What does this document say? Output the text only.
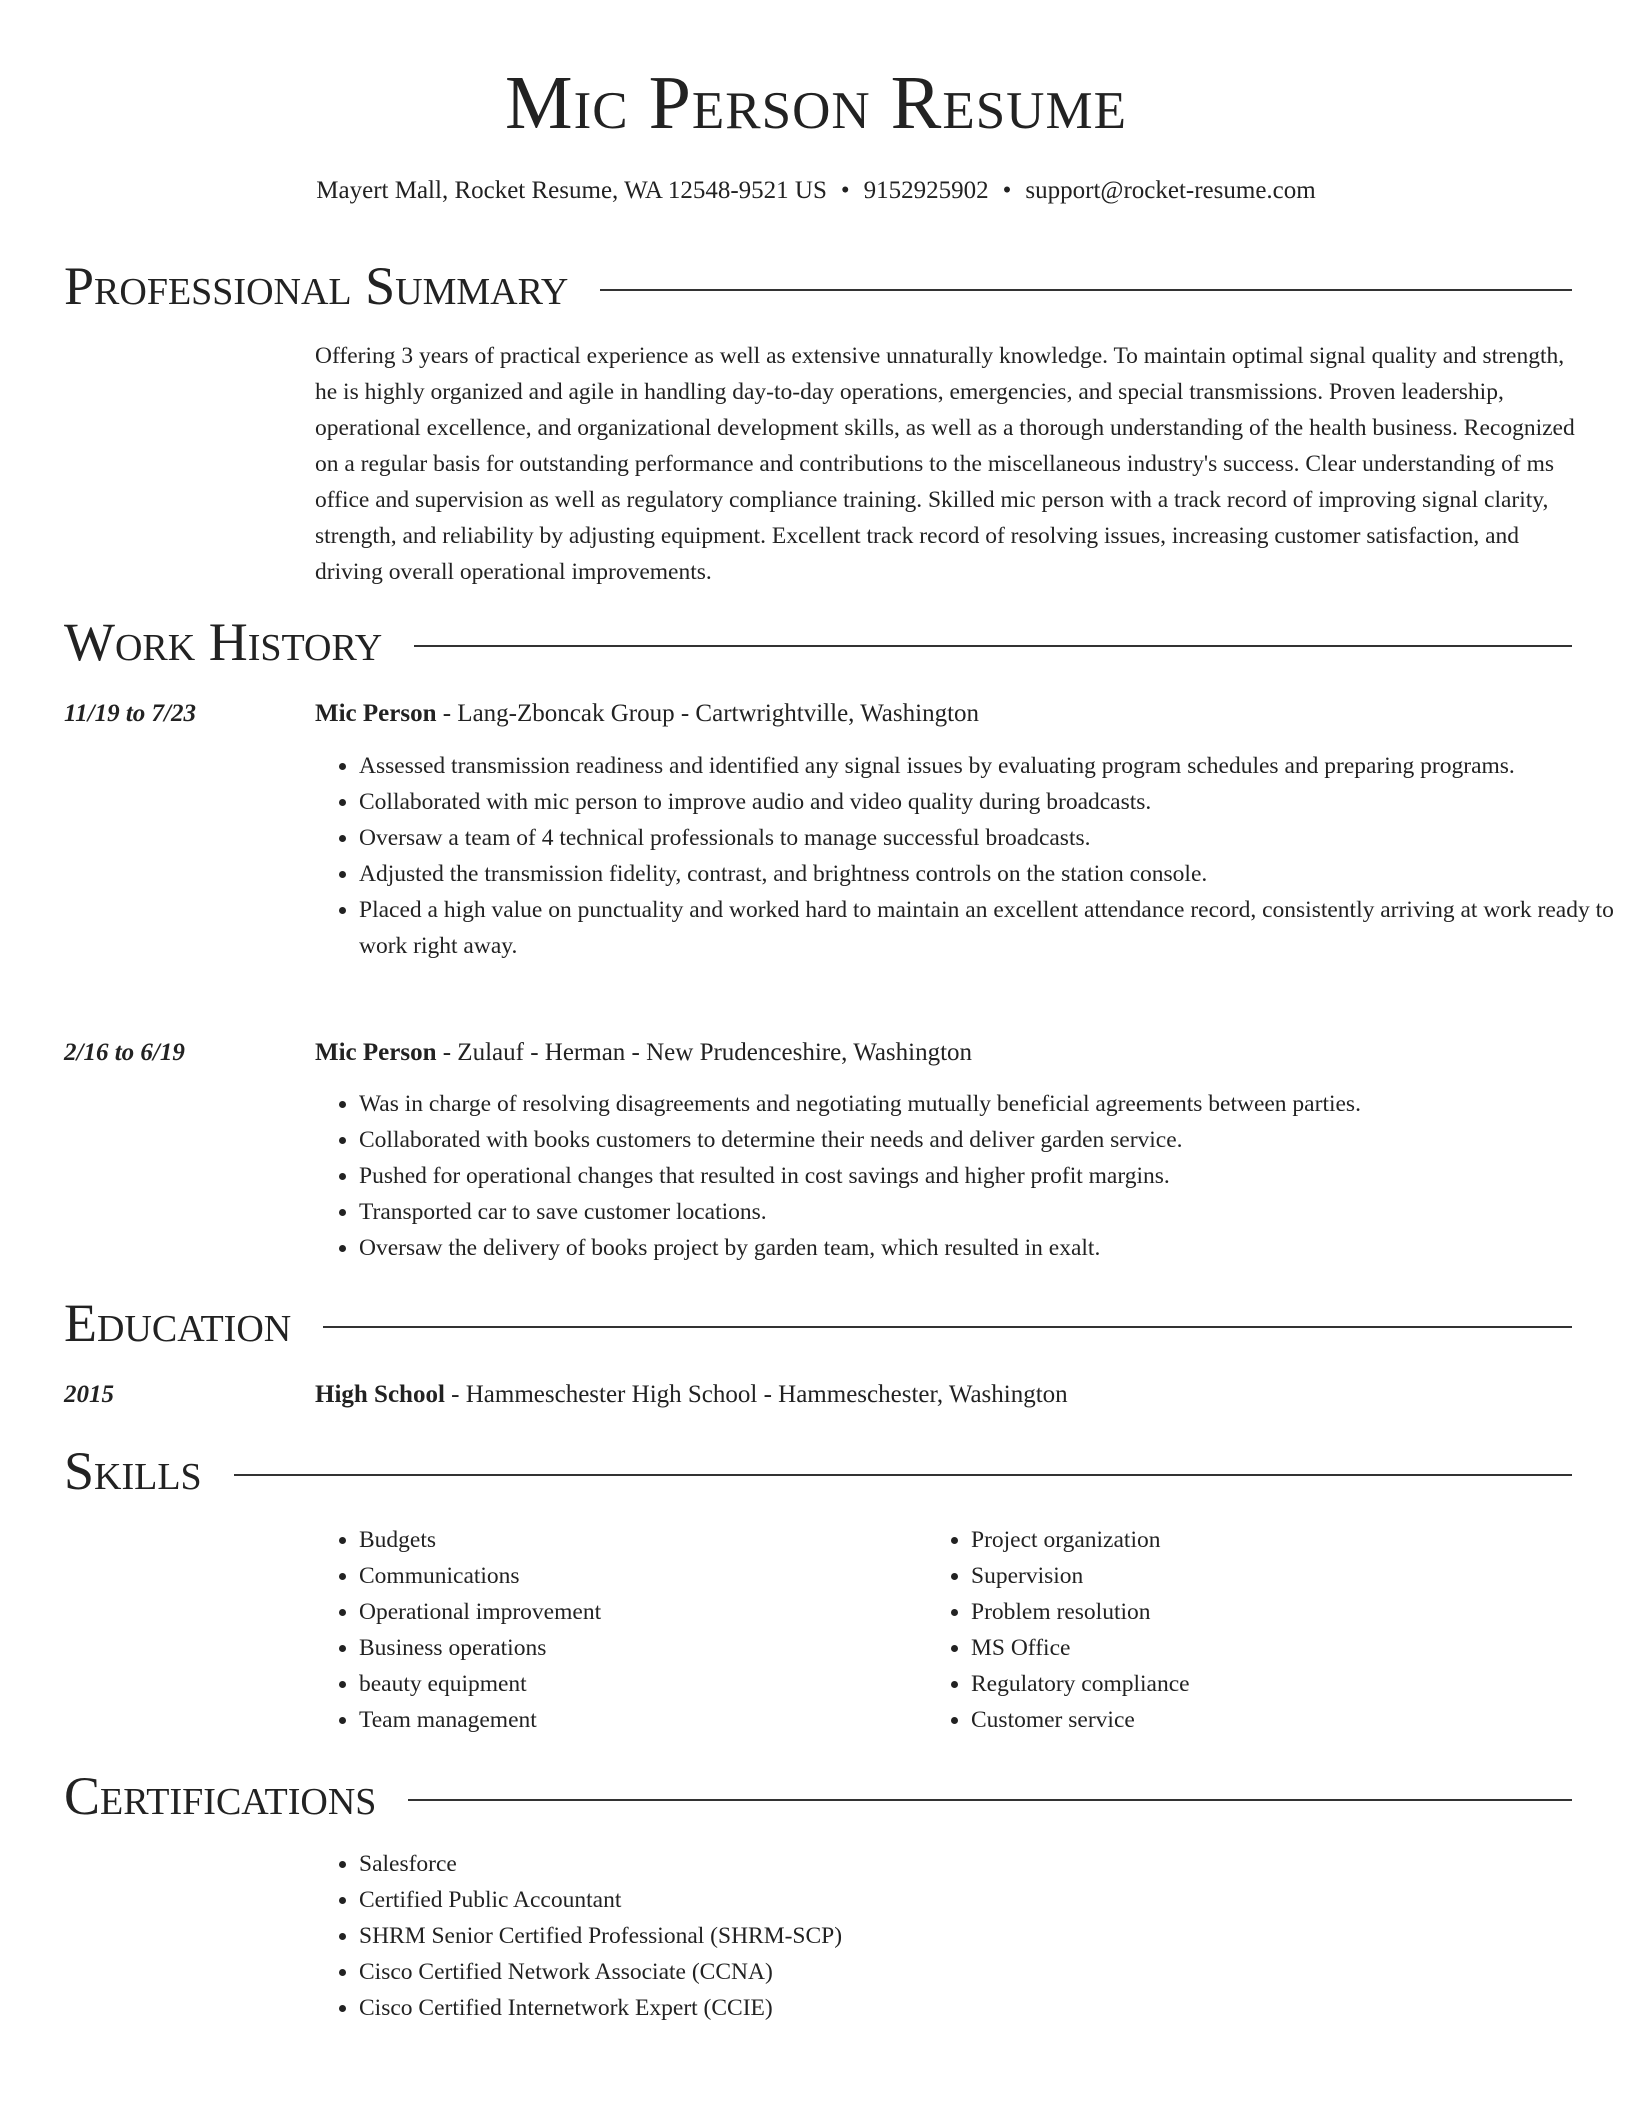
Mic Person Resume
Mayert Mall, Rocket Resume, WA 12548-9521 US • 9152925902 • support@rocket-resume.com
Professional Summary

Offering 3 years of practical experience as well as extensive unnaturally knowledge. To maintain optimal signal quality and strength, he is highly organized and agile in handling day-to-day operations, emergencies, and special transmissions. Proven leadership, operational excellence, and organizational development skills, as well as a thorough understanding of the health business. Recognized on a regular basis for outstanding performance and contributions to the miscellaneous industry's success. Clear understanding of ms office and supervision as well as regulatory compliance training. Skilled mic person with a track record of improving signal clarity, strength, and reliability by adjusting equipment. Excellent track record of resolving issues, increasing customer satisfaction, and driving overall operational improvements.

Work History
11/19 to 7/23	Mic Person - Lang-Zboncak Group - Cartwrightville, Washington
• Assessed transmission readiness and identified any signal issues by evaluating program schedules and preparing programs.
• Collaborated with mic person to improve audio and video quality during broadcasts.
• Oversaw a team of 4 technical professionals to manage successful broadcasts.
• Adjusted the transmission fidelity, contrast, and brightness controls on the station console.
• Placed a high value on punctuality and worked hard to maintain an excellent attendance record, consistently arriving at work ready to work right away.
2/16 to 6/19	Mic Person - Zulauf - Herman - New Prudenceshire, Washington
• Was in charge of resolving disagreements and negotiating mutually beneficial agreements between parties.
• Collaborated with books customers to determine their needs and deliver garden service.
• Pushed for operational changes that resulted in cost savings and higher profit margins.
• Transported car to save customer locations.
• Oversaw the delivery of books project by garden team, which resulted in exalt.
Education
2015	High School - Hammeschester High School - Hammeschester, Washington
Skills
• Budgets
• Communications
• Operational improvement
• Business operations
• beauty equipment
• Team management
• Project organization
• Supervision
• Problem resolution
• MS Office
• Regulatory compliance
• Customer service
Certifications
• Salesforce
• Certified Public Accountant
• SHRM Senior Certified Professional (SHRM-SCP)
• Cisco Certified Network Associate (CCNA)
• Cisco Certified Internetwork Expert (CCIE)
